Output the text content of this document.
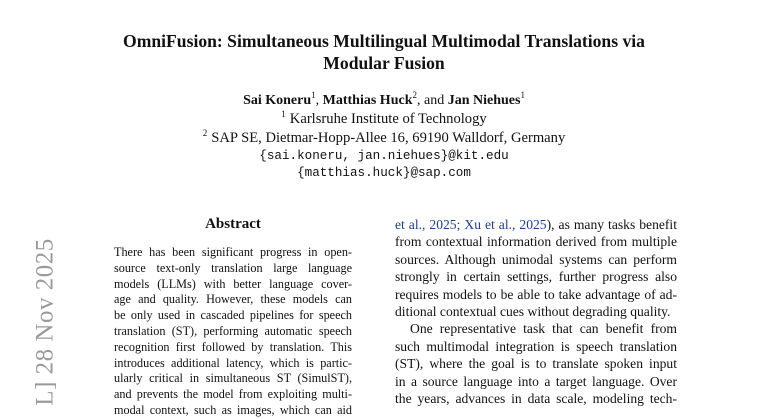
OmniFusion: Simultaneous Multilingual Multimodal Translations via
Modular Fusion
Sai Koneru$^1$, Matthias Huck$^2$, and Jan Niehues$^1$
$^1$ Karlsruhe Institute of Technology
$^2$ SAP SE, Dietmar-Hopp-Allee 16, 69190 Walldorf, Germany
{sai.koneru, jan.niehues}@kit.edu
{matthias.huck}@sap.com
L] 28 Nov 2025
Abstract
There has been significant progress in open-
source text-only translation large language
models (LLMs) with better language cover-
age and quality. However, these models can
be only used in cascaded pipelines for speech
translation (ST), performing automatic speech
recognition first followed by translation. This
introduces additional latency, which is partic-
ularly critical in simultaneous ST (SimulST),
and prevents the model from exploiting multi-
modal context, such as images, which can aid
et al., 2025; Xu et al., 2025), as many tasks benefit
from contextual information derived from multiple
sources. Although unimodal systems can perform
strongly in certain settings, further progress also
requires models to be able to take advantage of ad-
ditional contextual cues without degrading quality.
One representative task that can benefit from
such multimodal integration is speech translation
(ST), where the goal is to translate spoken input
in a source language into a target language. Over
the years, advances in data scale, modeling tech-
